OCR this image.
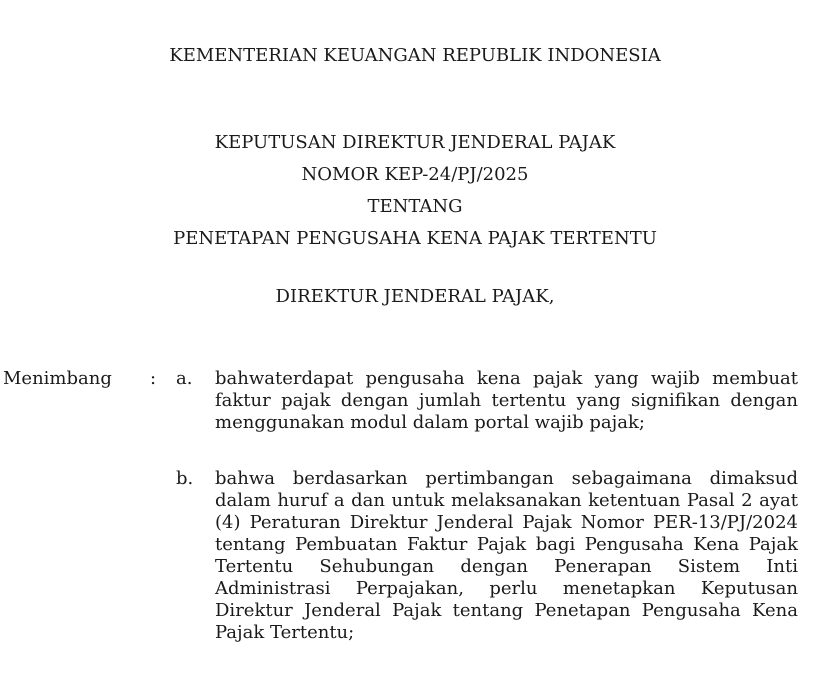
KEMENTERIAN KEUANGAN REPUBLIK INDONESIA
KEPUTUSAN DIREKTUR JENDERAL PAJAK
NOMOR KEP-24/PJ/2025
TENTANG
PENETAPAN PENGUSAHA KENA PAJAK TERTENTU
DIREKTUR JENDERAL PAJAK,
Menimbang : a. bahwaterdapat pengusaha kena pajak yang wajib membuat faktur pajak dengan jumlah tertentu yang signifikan dengan menggunakan modul dalam portal wajib pajak;

b. bahwa berdasarkan pertimbangan sebagaimana dimaksud dalam huruf a dan untuk melaksanakan ketentuan Pasal 2 ayat (4) Peraturan Direktur Jenderal Pajak Nomor PER-13/PJ/2024 tentang Pembuatan Faktur Pajak bagi Pengusaha Kena Pajak Tertentu Sehubungan dengan Penerapan Sistem Inti Administrasi Perpajakan, perlu menetapkan Keputusan Direktur Jenderal Pajak tentang Penetapan Pengusaha Kena Pajak Tertentu;
